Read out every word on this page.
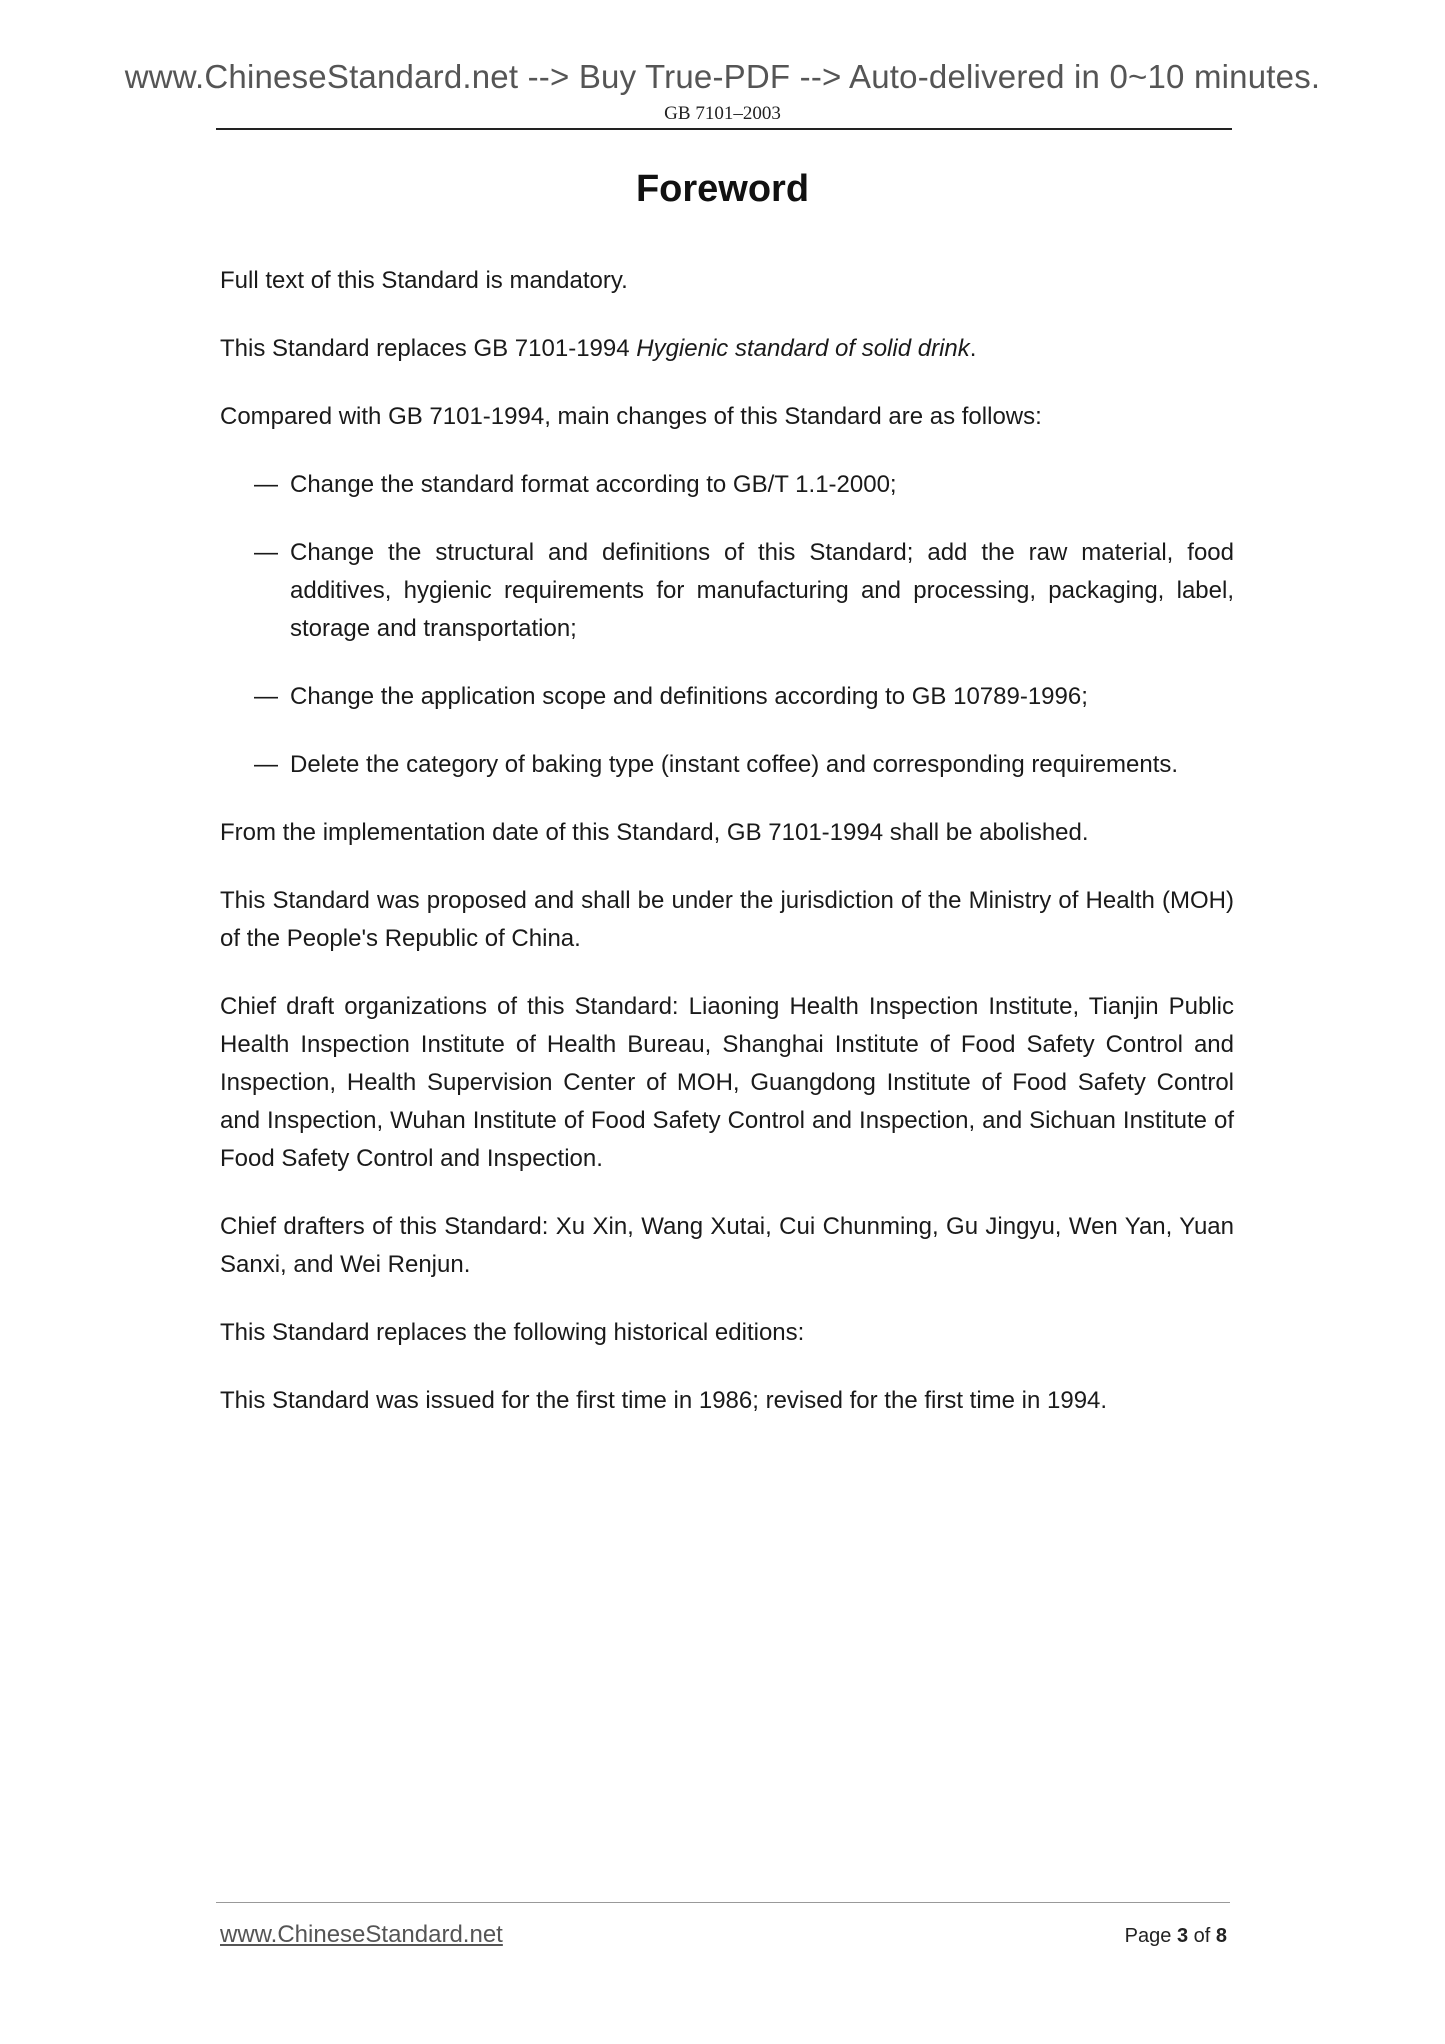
www.ChineseStandard.net --> Buy True-PDF --> Auto-delivered in 0~10 minutes.
GB 7101–2003
Foreword

Full text of this Standard is mandatory.

This Standard replaces GB 7101-1994 Hygienic standard of solid drink.

Compared with GB 7101-1994, main changes of this Standard are as follows:

— Change the standard format according to GB/T 1.1-2000;
— Change the structural and definitions of this Standard; add the raw material, food additives, hygienic requirements for manufacturing and processing, packaging, label, storage and transportation;
— Change the application scope and definitions according to GB 10789-1996;
— Delete the category of baking type (instant coffee) and corresponding requirements.

From the implementation date of this Standard, GB 7101-1994 shall be abolished.

This Standard was proposed and shall be under the jurisdiction of the Ministry of Health (MOH) of the People's Republic of China.

Chief draft organizations of this Standard: Liaoning Health Inspection Institute, Tianjin Public Health Inspection Institute of Health Bureau, Shanghai Institute of Food Safety Control and Inspection, Health Supervision Center of MOH, Guangdong Institute of Food Safety Control and Inspection, Wuhan Institute of Food Safety Control and Inspection, and Sichuan Institute of Food Safety Control and Inspection.

Chief drafters of this Standard: Xu Xin, Wang Xutai, Cui Chunming, Gu Jingyu, Wen Yan, Yuan Sanxi, and Wei Renjun.

This Standard replaces the following historical editions:

This Standard was issued for the first time in 1986; revised for the first time in 1994.

www.ChineseStandard.net	Page 3 of 8
